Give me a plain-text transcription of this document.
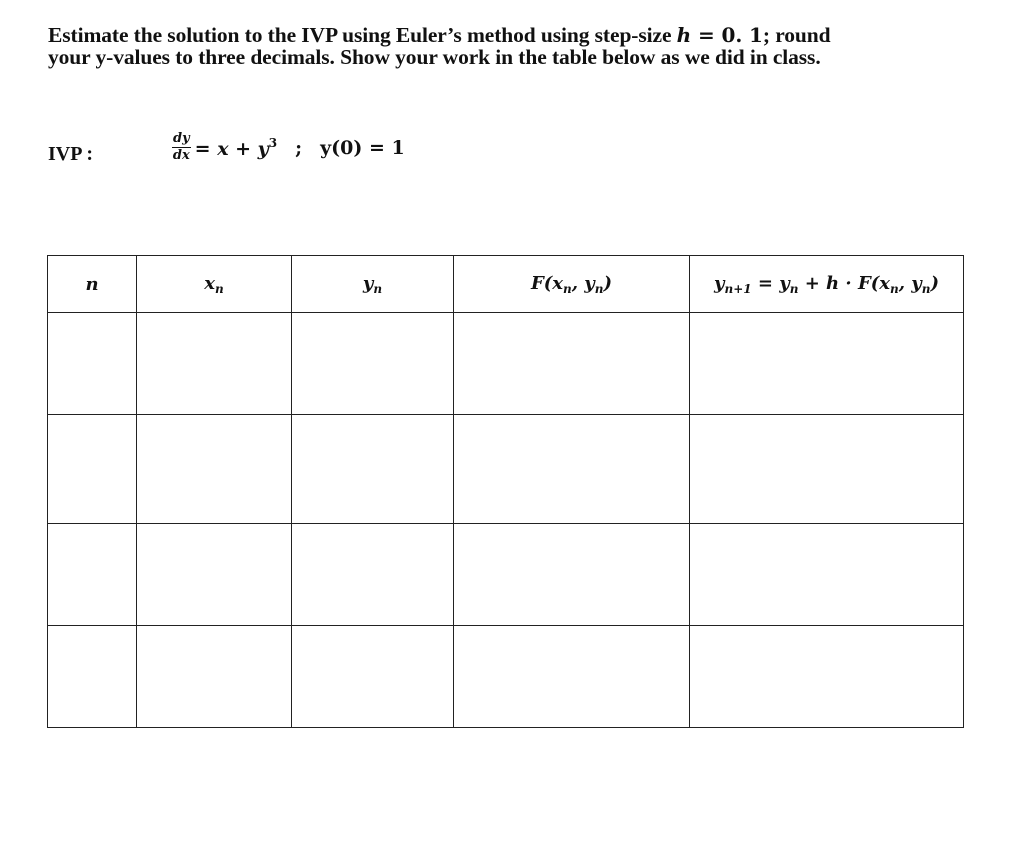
Estimate the solution to the IVP using Euler’s method using step-size h = 0. 1; round
your y-values to three decimals. Show your work in the table below as we did in class.
IVP :	$\frac{dy}{dx} = x + y^3$ ; y(0) = 1
n	$x_n$	$y_n$	$F(x_n$, $y_n$)	$y_{n+1} = y_n + h \cdot F(x_n$, $y_n$)
